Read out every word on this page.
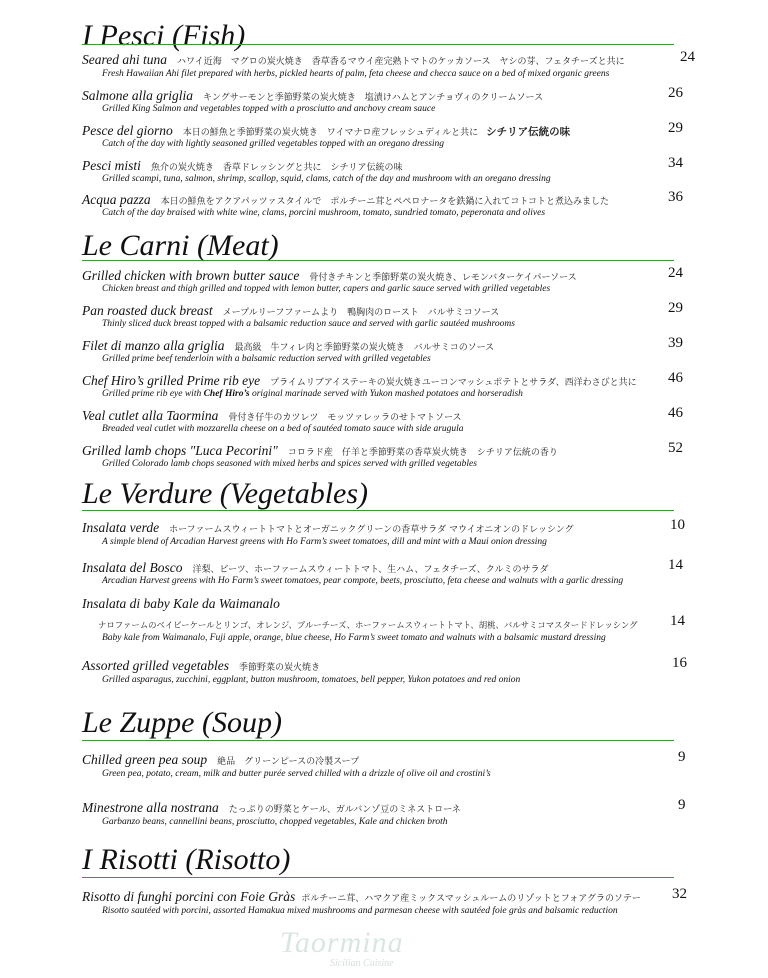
I Pesci (Fish)
Seared ahi tuna ハワイ近海　マグロの炭火焼き　香草香るマウイ産完熟トマトのケッカソース　ヤシの芽、フェタチーズと共に	24
Fresh Hawaiian Ahi filet prepared with herbs, pickled hearts of palm, feta cheese and checca sauce on a bed of mixed organic greens
Salmone alla griglia キングサーモンと季節野菜の炭火焼き　塩漬けハムとアンチョヴィのクリームソース	26
Grilled King Salmon and vegetables topped with a prosciutto and anchovy cream sauce
Pesce del giorno 本日の鮮魚と季節野菜の炭火焼き　ワイマナロ産フレッシュディルと共に シチリア伝統の味	29
Catch of the day with lightly seasoned grilled vegetables topped with an oregano dressing
Pesci misti 魚介の炭火焼き　香草ドレッシングと共に　シチリア伝統の味	34
Grilled scampi, tuna, salmon, shrimp, scallop, squid, clams, catch of the day and mushroom with an oregano dressing
Acqua pazza 本日の鮮魚をアクアパッツァスタイルで　ポルチーニ茸とペペロナータを鉄鍋に入れてコトコトと煮込みました	36
Catch of the day braised with white wine, clams, porcini mushroom, tomato, sundried tomato, peperonata and olives
Le Carni (Meat)
Grilled chicken with brown butter sauce 骨付きチキンと季節野菜の炭火焼き、レモンバターケイパーソース	24
Chicken breast and thigh grilled and topped with lemon butter, capers and garlic sauce served with grilled vegetables
Pan roasted duck breast メープルリーフファームより　鴨胸肉のロースト　バルサミコソース	29
Thinly sliced duck breast topped with a balsamic reduction sauce and served with garlic sautéed mushrooms
Filet di manzo alla griglia 最高級　牛フィレ肉と季節野菜の炭火焼き　バルサミコのソース	39
Grilled prime beef tenderloin with a balsamic reduction served with grilled vegetables
Chef Hiro’s grilled Prime rib eye プライムリブアイステーキの炭火焼きユーコンマッシュポテトとサラダ、西洋わさびと共に 46
Grilled prime rib eye with Chef Hiro’s original marinade served with Yukon mashed potatoes and horseradish
Veal cutlet alla Taormina 骨付き仔牛のカツレツ　モッツァレッラのせトマトソース	46
Breaded veal cutlet with mozzarella cheese on a bed of sautéed tomato sauce with side arugula
Grilled lamb chops "Luca Pecorini" コロラド産　仔羊と季節野菜の香草炭火焼き　シチリア伝統の香り	52
Grilled Colorado lamb chops seasoned with mixed herbs and spices served with grilled vegetables
Le Verdure (Vegetables)
Insalata verde ホーファームスウィートトマトとオーガニックグリーンの香草サラダ マウイオニオンのドレッシング	10
A simple blend of Arcadian Harvest greens with Ho Farm’s sweet tomatoes, dill and mint with a Maui onion dressing
Insalata del Bosco 洋梨、ビーツ、ホーファームスウィートトマト、生ハム、フェタチーズ、クルミのサラダ	14
Arcadian Harvest greens with Ho Farm’s sweet tomatoes, pear compote, beets, prosciutto, feta cheese and walnuts with a garlic dressing
Insalata di baby Kale da Waimanalo
ナロファームのベイビーケールとリンゴ、オレンジ、ブルーチーズ、ホーファームスウィートトマト、胡桃、バルサミコマスタードドレッシング 14
Baby kale from Waimanalo, Fuji apple, orange, blue cheese, Ho Farm’s sweet tomato and walnuts with a balsamic mustard dressing
Assorted grilled vegetables 季節野菜の炭火焼き	16
Grilled asparagus, zucchini, eggplant, button mushroom, tomatoes, bell pepper, Yukon potatoes and red onion
Le Zuppe (Soup)
Chilled green pea soup 絶品　グリーンピースの冷製スープ	9
Green pea, potato, cream, milk and butter purée served chilled with a drizzle of olive oil and crostini’s
Minestrone alla nostrana たっぷりの野菜とケール、ガルバンゾ豆のミネストローネ	9
Garbanzo beans, cannellini beans, prosciutto, chopped vegetables, Kale and chicken broth
I Risotti (Risotto)
Risotto di funghi porcini con Foie Gràs ポルチーニ茸、ハマクア産ミックスマッシュルームのリゾットとフォアグラのソテー	32
Risotto sautéed with porcini, assorted Hamakua mixed mushrooms and parmesan cheese with sautéed foie gràs and balsamic reduction
Taormina
Sicilian Cuisine
